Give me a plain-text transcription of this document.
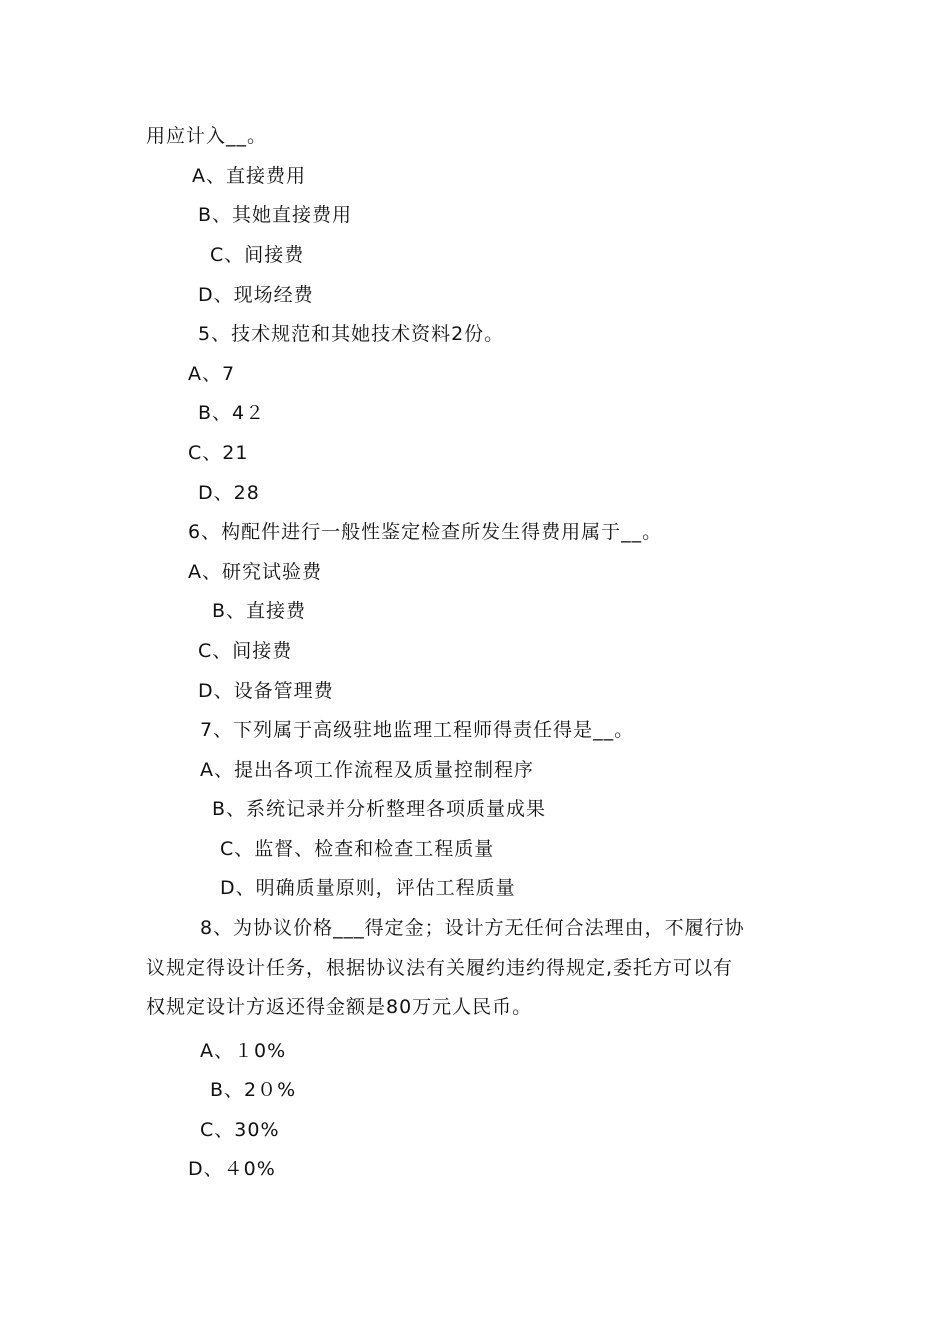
用应计入__。
A、直接费用
B、其她直接费用
C、间接费
D、现场经费
5、技术规范和其她技术资料2份。
A、7
B、4２
C、21
D、28
6、构配件进行一般性鉴定检查所发生得费用属于__。
A、研究试验费
B、直接费
C、间接费
D、设备管理费
7、下列属于高级驻地监理工程师得责任得是__。
A、提出各项工作流程及质量控制程序
B、系统记录并分析整理各项质量成果
C、监督、检查和检查工程质量
D、明确质量原则，评估工程质量
8、为协议价格___得定金；设计方无任何合法理由，不履行协
议规定得设计任务，根据协议法有关履约违约得规定,委托方可以有
权规定设计方返还得金额是80万元人民币。
A、１0%
B、2０%
C、30%
D、４0%
